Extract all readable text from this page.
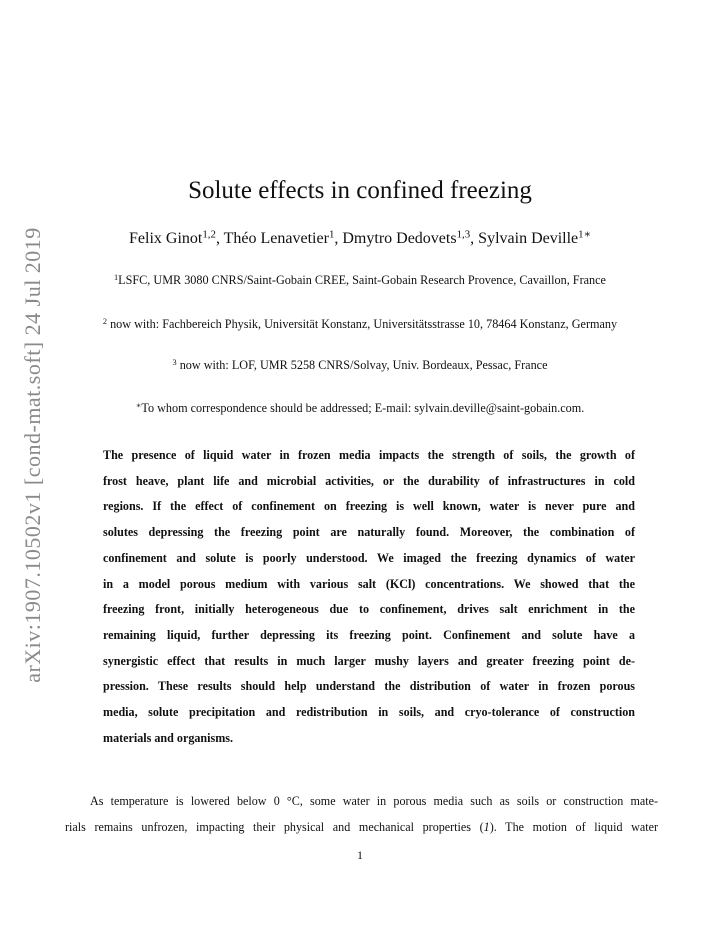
arXiv:1907.10502v1 [cond-mat.soft] 24 Jul 2019
Solute effects in confined freezing
Felix Ginot$^{1,2}$, Théo Lenavetier$^1$, Dmytro Dedovets$^{1,3}$, Sylvain Deville$^{1∗}$
$^1$LSFC, UMR 3080 CNRS/Saint-Gobain CREE, Saint-Gobain Research Provence, Cavaillon, France
$^2$ now with: Fachbereich Physik, Universität Konstanz, Universitätsstrasse 10, 78464 Konstanz, Germany
$^3$ now with: LOF, UMR 5258 CNRS/Solvay, Univ. Bordeaux, Pessac, France
∗To whom correspondence should be addressed; E-mail: sylvain.deville@saint-gobain.com.
The presence of liquid water in frozen media impacts the strength of soils, the growth of
frost heave, plant life and microbial activities, or the durability of infrastructures in cold
regions. If the effect of confinement on freezing is well known, water is never pure and
solutes depressing the freezing point are naturally found. Moreover, the combination of
confinement and solute is poorly understood. We imaged the freezing dynamics of water
in a model porous medium with various salt (KCl) concentrations. We showed that the
freezing front, initially heterogeneous due to confinement, drives salt enrichment in the
remaining liquid, further depressing its freezing point. Confinement and solute have a
synergistic effect that results in much larger mushy layers and greater freezing point de-
pression. These results should help understand the distribution of water in frozen porous
media, solute precipitation and redistribution in soils, and cryo-tolerance of construction
materials and organisms.
As temperature is lowered below 0 °C, some water in porous media such as soils or construction mate-
rials remains unfrozen, impacting their physical and mechanical properties (1). The motion of liquid water
1
